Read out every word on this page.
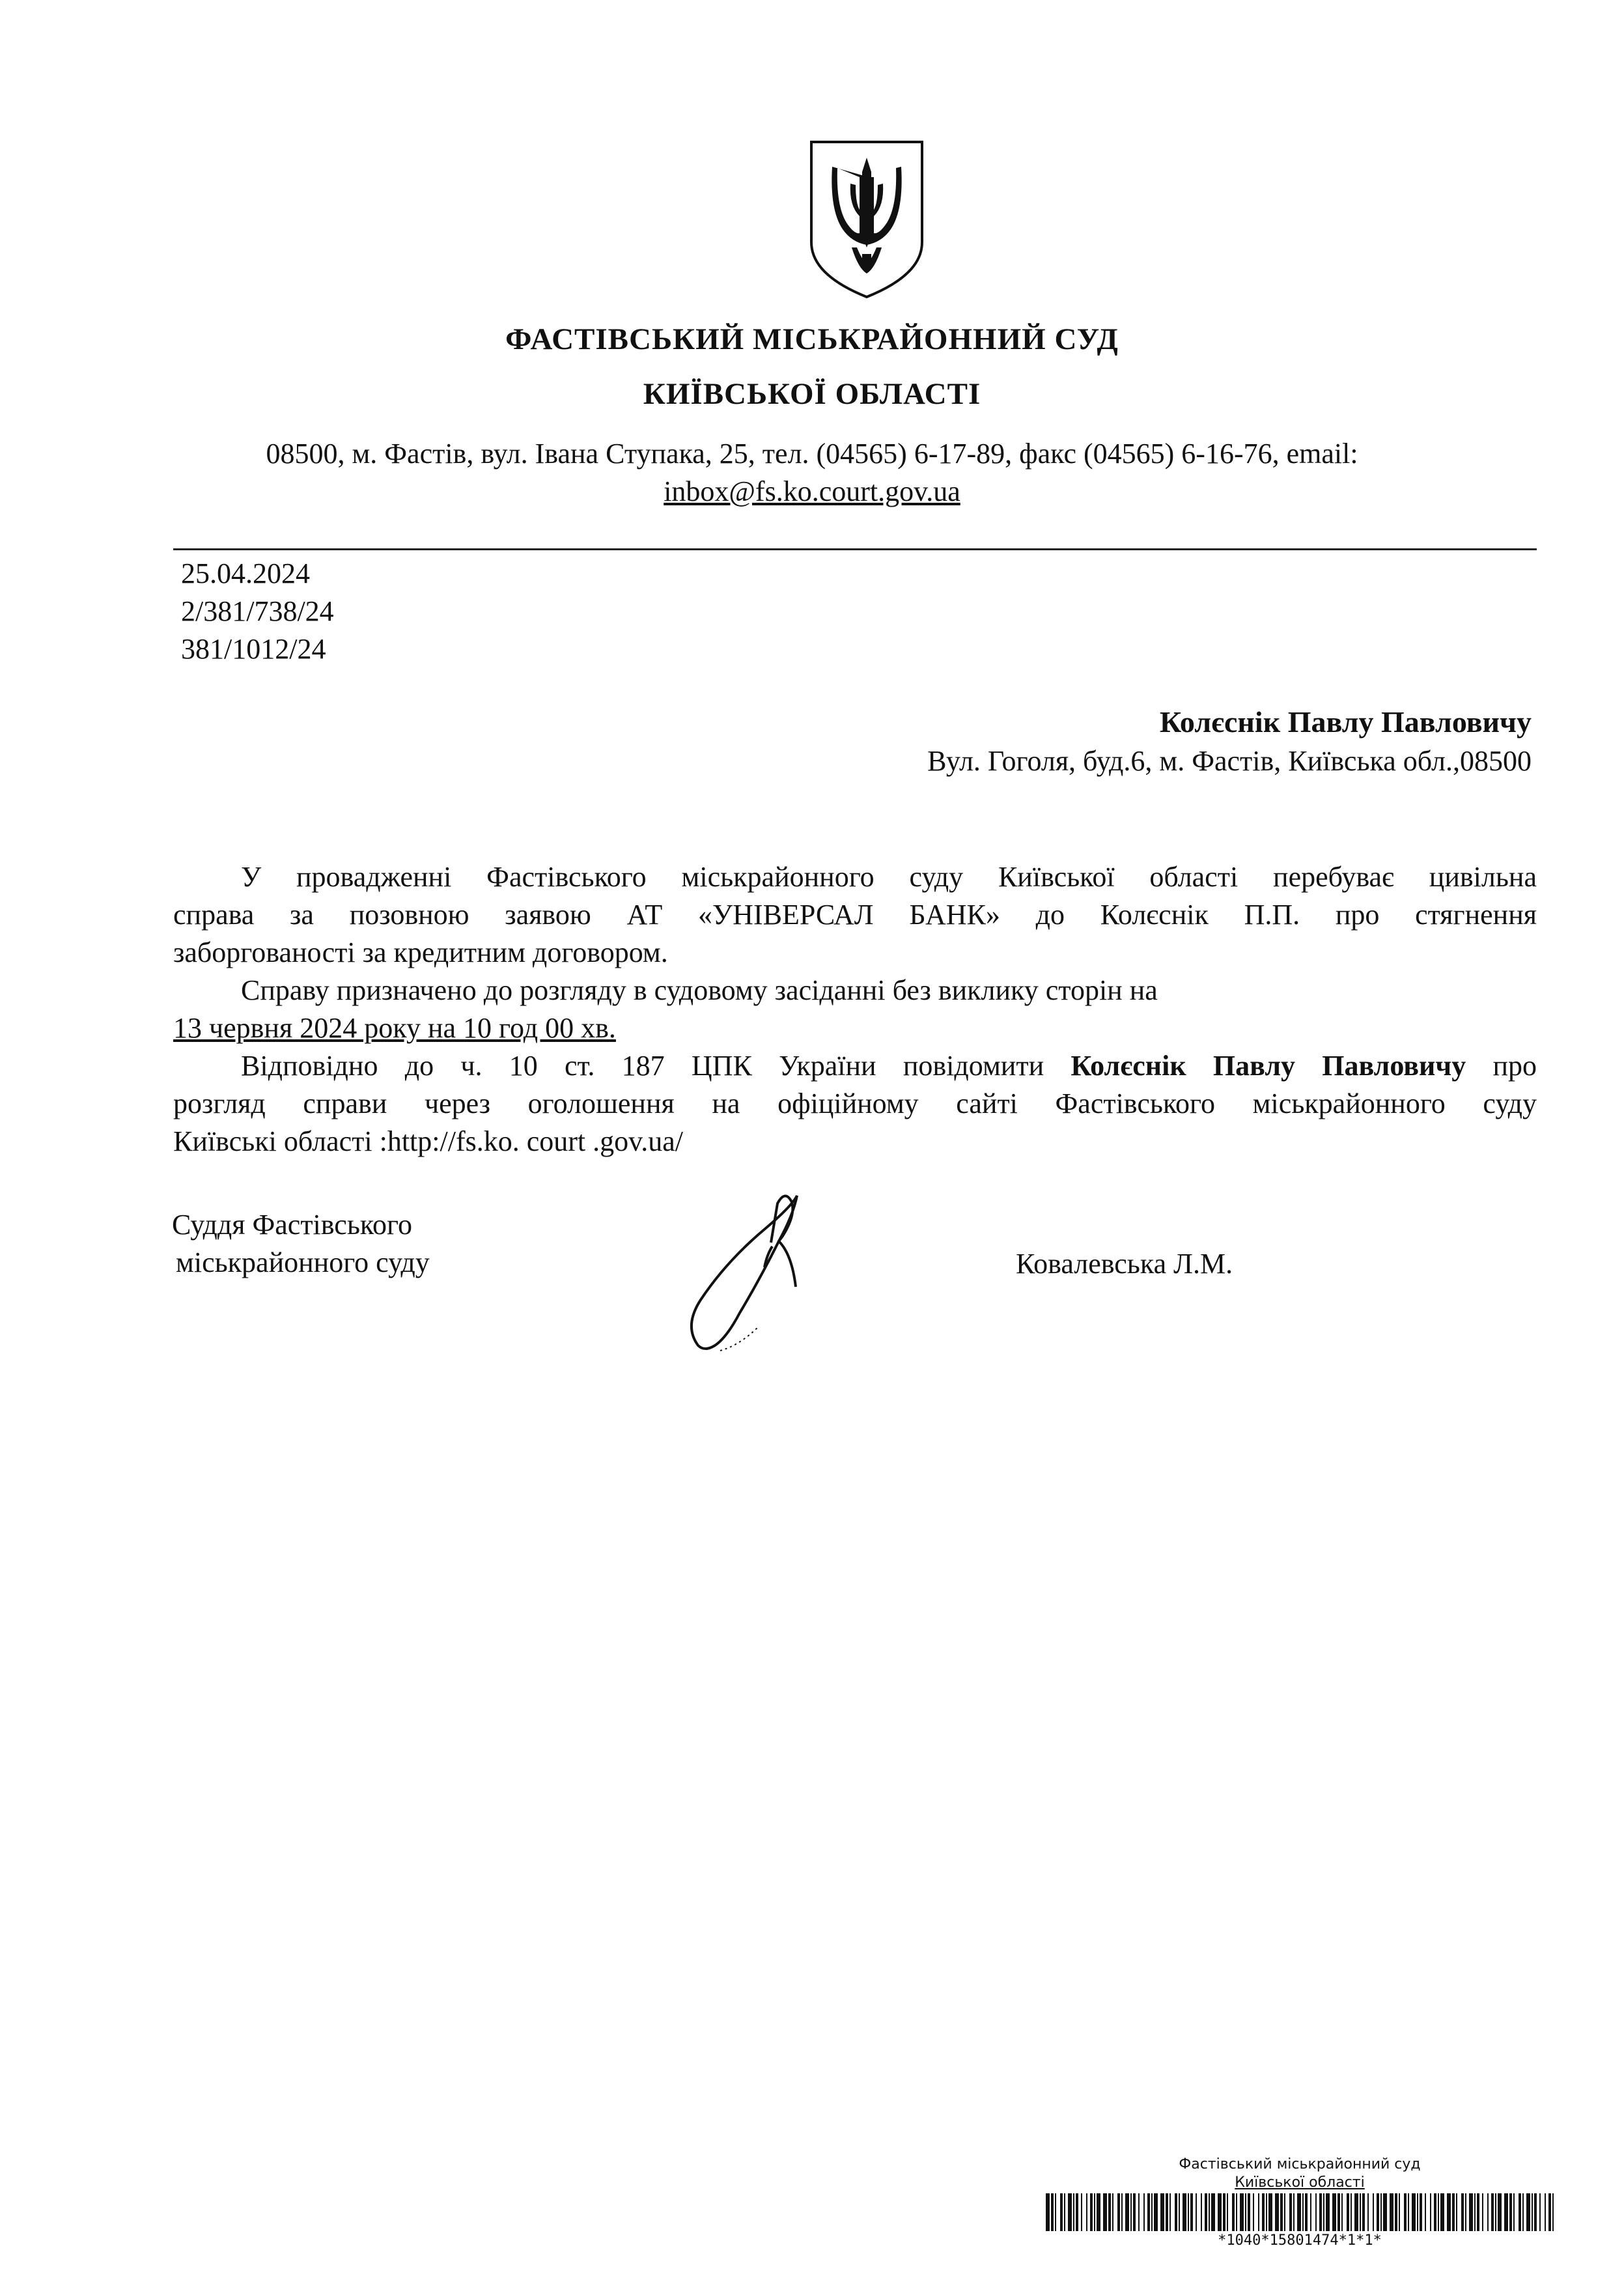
ФАСТІВСЬКИЙ МІСЬКРАЙОННИЙ СУД
КИЇВСЬКОЇ ОБЛАСТІ
08500, м. Фастів, вул. Івана Ступака, 25, тел. (04565) 6-17-89, факс (04565) 6-16-76, email:
inbox@fs.ko.court.gov.ua
25.04.2024
2/381/738/24
381/1012/24
Колєснік Павлу Павловичу
Вул. Гоголя, буд.6, м. Фастів, Київська обл.,08500
У провадженні Фастівського міськрайонного суду Київської області перебуває цивільна
справа за позовною заявою АТ «УНІВЕРСАЛ БАНК» до Колєснік П.П. про стягнення
заборгованості за кредитним договором.
Справу призначено до розгляду в судовому засіданні без виклику сторін на
13 червня 2024 року на 10 год 00 хв.
Відповідно до ч. 10 ст. 187 ЦПК України повідомити Колєснік Павлу Павловичу про
розгляд справи через оголошення на офіційному сайті Фастівського міськрайонного суду
Київські області :http://fs.ko. court .gov.ua/
Суддя Фастівського
міськрайонного суду	Ковалевська Л.М.
Фастівський міськрайонний суд
Київської області
*1040*15801474*1*1*
